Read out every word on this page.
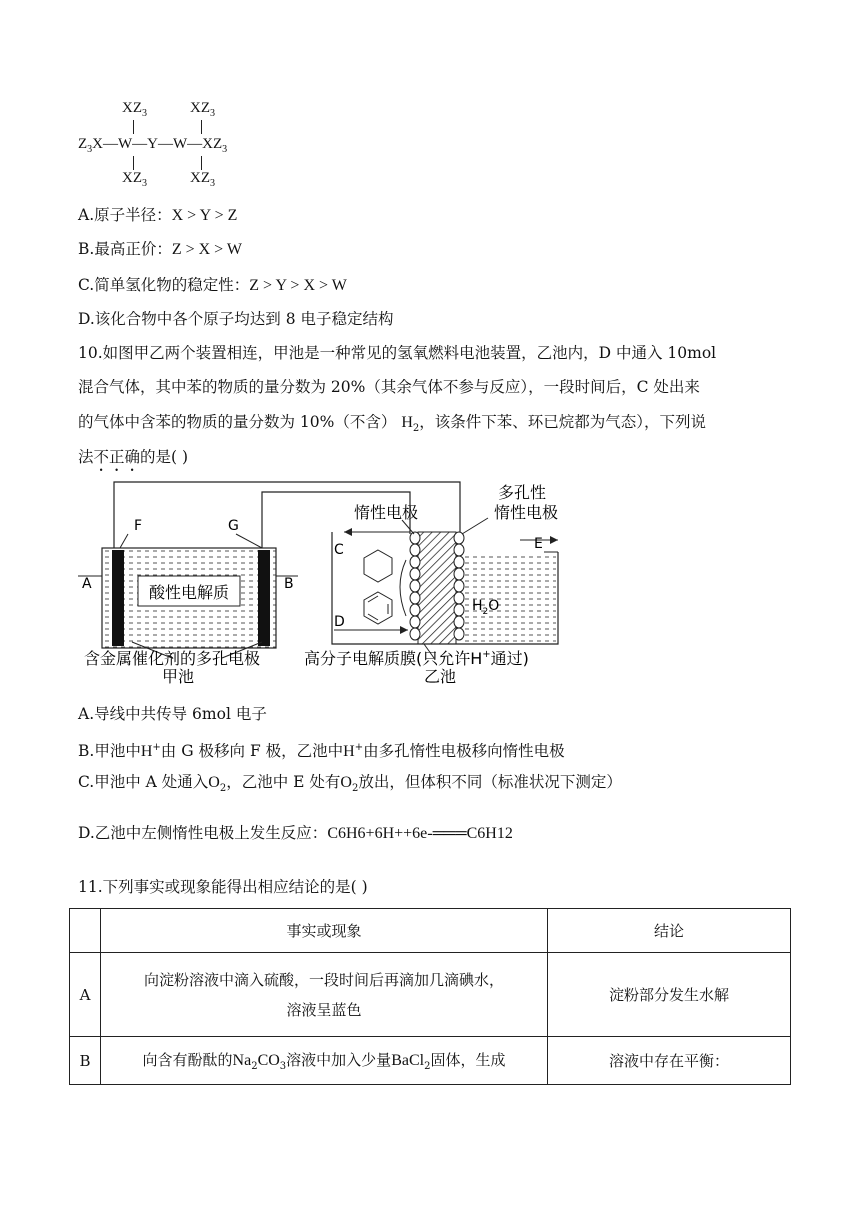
$XZ_3$	$XZ_3$
$Z_3X—W—Y—W—XZ_3$
$XZ_3$	$XZ_3$
A.原子半径：X > Y > Z
B.最高正价：Z > X > W
C.简单氢化物的稳定性：Z > Y > X > W
D.该化合物中各个原子均达到 8 电子稳定结构
10.如图甲乙两个装置相连，甲池是一种常见的氢氧燃料电池装置，乙池内，D 中通入 10mol
混合气体，其中苯的物质的量分数为 20%（其余气体不参与反应），一段时间后，C 处出来
的气体中含苯的物质的量分数为 10%（不含） $H_2$，该条件下苯、环已烷都为气态），下列说
法不正确的是( )
酸性电解质
F	G
A	B
含金属催化剂的多孔电极
甲池
C
D
E
$H_2O$
惰性电极
多孔性
惰性电极
高分子电解质膜(只允许H+通过)
乙池
A.导线中共传导 6mol 电子
B.甲池中H+由 G 极移向 F 极，乙池中H+由多孔惰性电极移向惰性电极
C.甲池中 A 处通入$O_2$，乙池中 E 处有$O_2$放出，但体积不同（标准状况下测定）
D.乙池中左侧惰性电极上发生反应：C6H6+6H++6e-═══C6H12
11.下列事实或现象能得出相应结论的是( )
	事实或现象	结论
A	向淀粉溶液中滴入硫酸，一段时间后再滴加几滴碘水，
溶液呈蓝色	淀粉部分发生水解
B	向含有酚酞的$Na_2CO_3$溶液中加入少量BaCl$_2$固体，生成	溶液中存在平衡：
